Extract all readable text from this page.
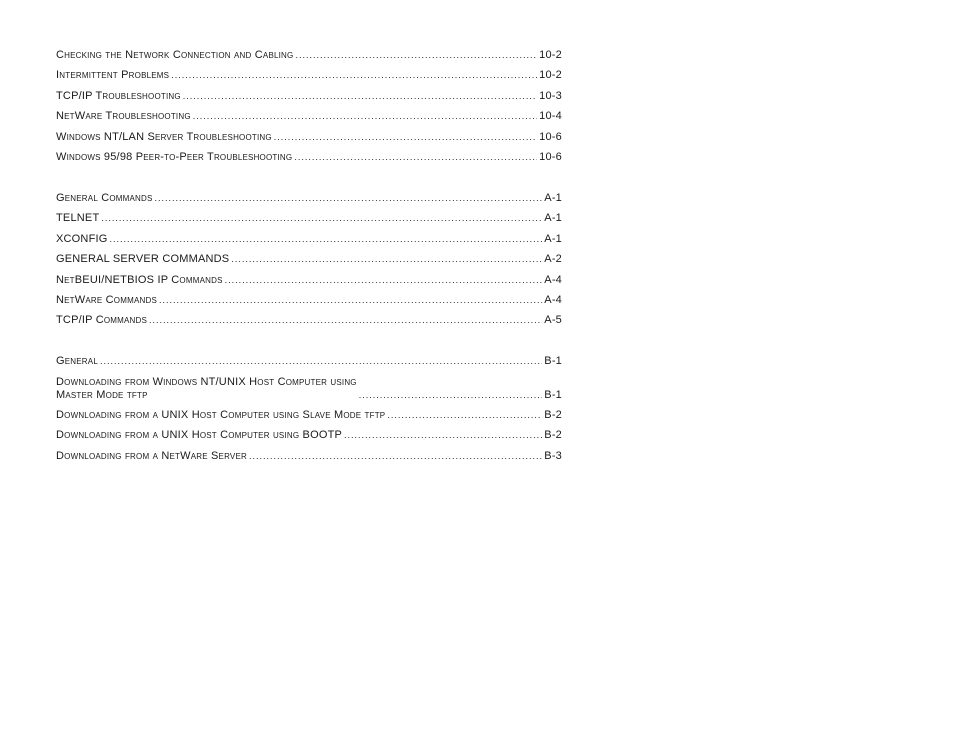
Checking the Network Connection and Cabling .....	10-2
Intermittent Problems .....	10-2
TCP/IP Troubleshooting .....	10-3
NetWare Troubleshooting .....	10-4
Windows NT/LAN Server Troubleshooting .....	10-6
Windows 95/98 Peer-to-Peer Troubleshooting .....	10-6
General Commands .....	A-1
TELNET .....	A-1
XCONFIG .....	A-1
GENERAL SERVER COMMANDS .....	A-2
NetBEUI/NETBIOS IP Commands .....	A-4
NetWare Commands .....	A-4
TCP/IP Commands .....	A-5
General .....	B-1
Downloading from Windows NT/UNIX Host Computer using
Master Mode tftp .....	B-1
Downloading from a UNIX Host Computer using Slave Mode tftp .....	B-2
Downloading from a UNIX Host Computer using BOOTP .....	B-2
Downloading from a NetWare Server .....	B-3
